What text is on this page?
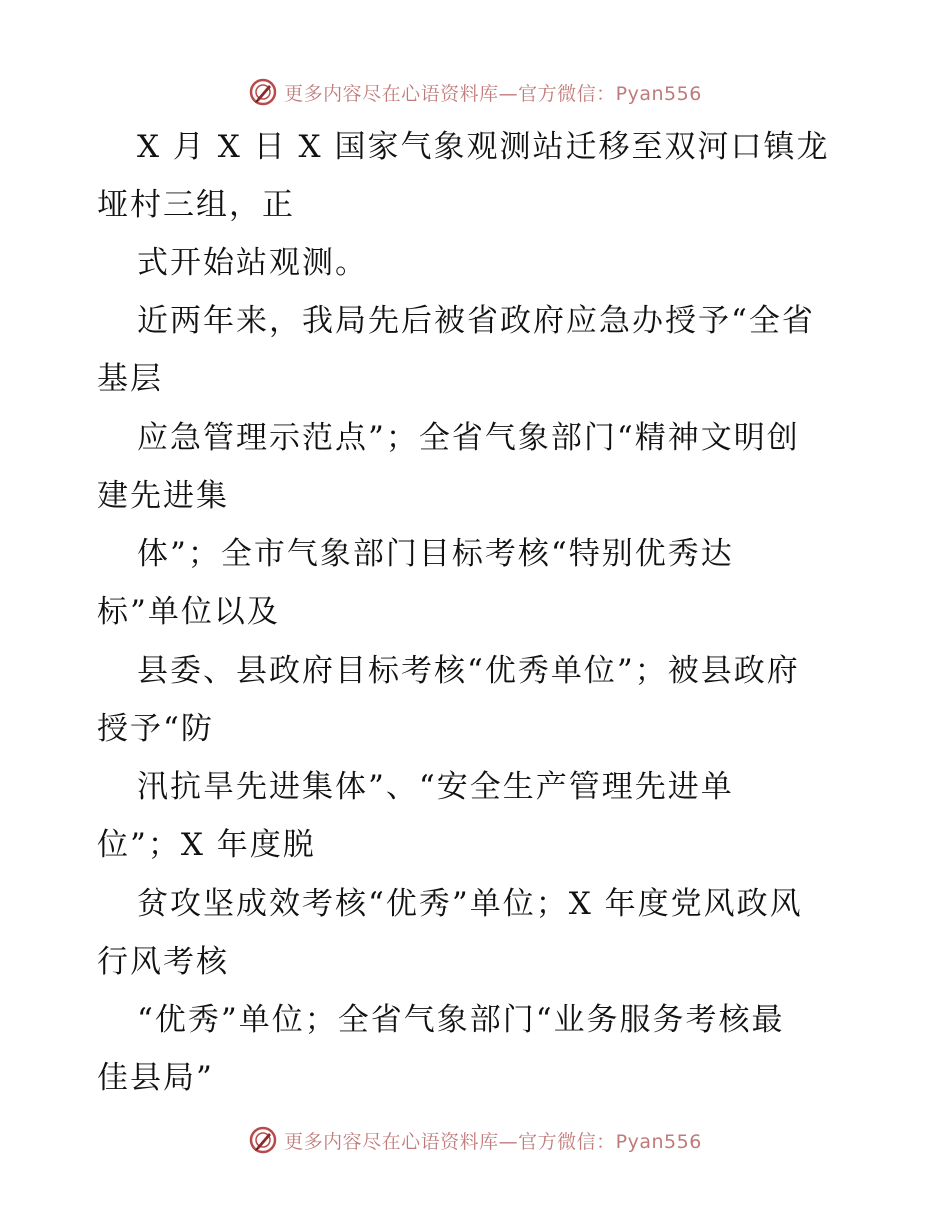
更多内容尽在心语资料库—官方微信：Pyan556
X 月 X 日 X 国家气象观测站迁移至双河口镇龙
垭村三组，正
式开始站观测。
近两年来，我局先后被省政府应急办授予“全省
基层
应急管理示范点”；全省气象部门“精神文明创
建先进集
体”；全市气象部门目标考核“特别优秀达
标”单位以及
县委、县政府目标考核“优秀单位”；被县政府
授予“防
汛抗旱先进集体”、“安全生产管理先进单
位”；X 年度脱
贫攻坚成效考核“优秀”单位；X 年度党风政风
行风考核
“优秀”单位；全省气象部门“业务服务考核最
佳县局”
更多内容尽在心语资料库—官方微信：Pyan556
